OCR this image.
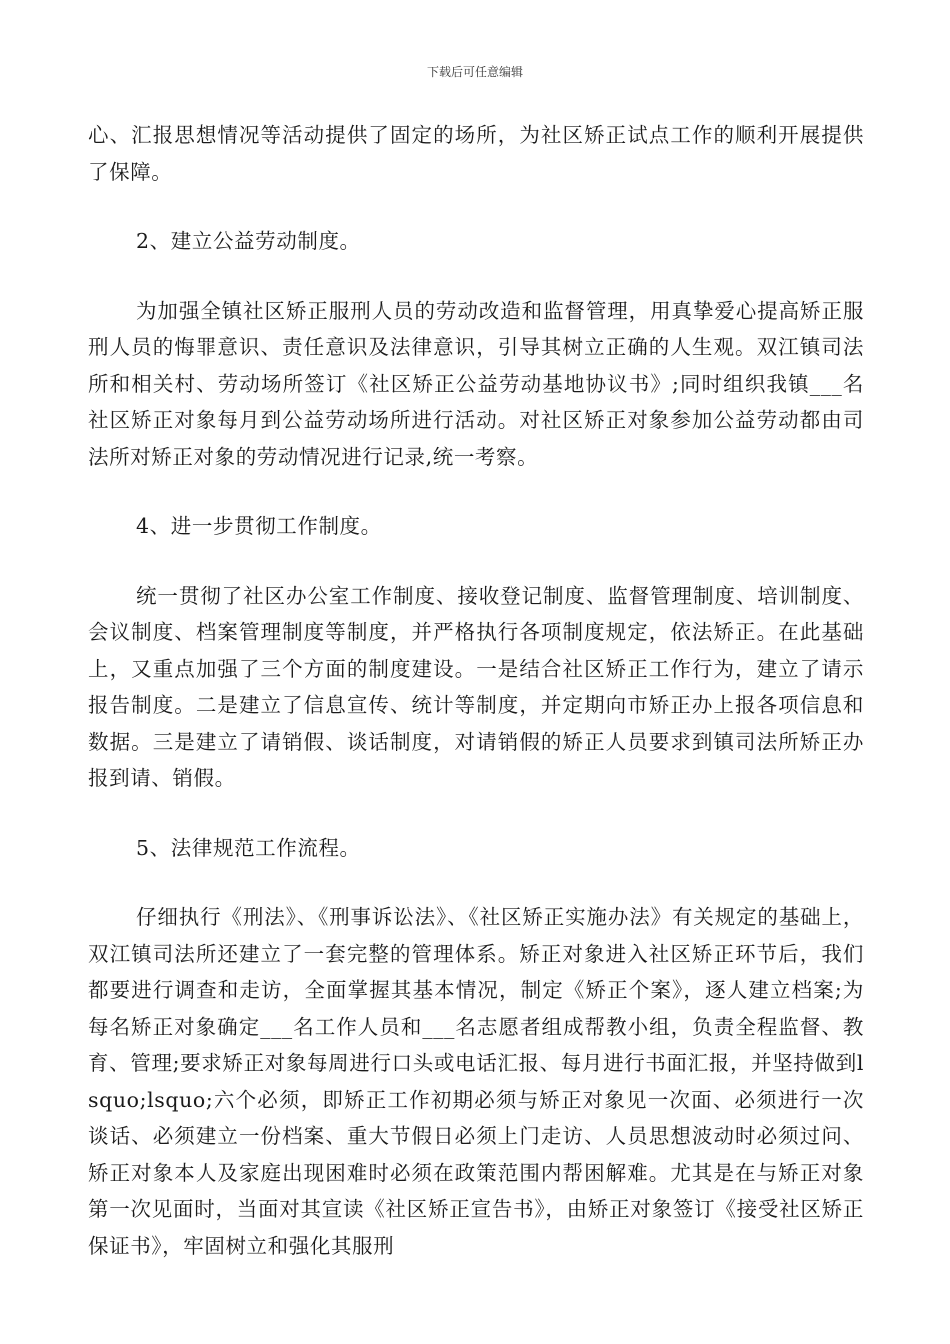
下载后可任意编辑

心、汇报思想情况等活动提供了固定的场所，为社区矫正试点工作的顺利开展提供了保障。

2、建立公益劳动制度。

为加强全镇社区矫正服刑人员的劳动改造和监督管理，用真挚爱心提高矫正服刑人员的悔罪意识、责任意识及法律意识，引导其树立正确的人生观。双江镇司法所和相关村、劳动场所签订《社区矫正公益劳动基地协议书》;同时组织我镇___名社区矫正对象每月到公益劳动场所进行活动。对社区矫正对象参加公益劳动都由司法所对矫正对象的劳动情况进行记录,统一考察。

4、进一步贯彻工作制度。

统一贯彻了社区办公室工作制度、接收登记制度、监督管理制度、培训制度、会议制度、档案管理制度等制度，并严格执行各项制度规定，依法矫正。在此基础上，又重点加强了三个方面的制度建设。一是结合社区矫正工作行为，建立了请示报告制度。二是建立了信息宣传、统计等制度，并定期向市矫正办上报各项信息和数据。三是建立了请销假、谈话制度，对请销假的矫正人员要求到镇司法所矫正办报到请、销假。

5、法律规范工作流程。

仔细执行《刑法》、《刑事诉讼法》、《社区矫正实施办法》有关规定的基础上，双江镇司法所还建立了一套完整的管理体系。矫正对象进入社区矫正环节后，我们都要进行调查和走访，全面掌握其基本情况，制定《矫正个案》，逐人建立档案;为每名矫正对象确定___名工作人员和___名志愿者组成帮教小组，负责全程监督、教育、管理;要求矫正对象每周进行口头或电话汇报、每月进行书面汇报，并坚持做到lsquo;lsquo;六个必须，即矫正工作初期必须与矫正对象见一次面、必须进行一次谈话、必须建立一份档案、重大节假日必须上门走访、人员思想波动时必须过问、矫正对象本人及家庭出现困难时必须在政策范围内帮困解难。尤其是在与矫正对象第一次见面时，当面对其宣读《社区矫正宣告书》，由矫正对象签订《接受社区矫正保证书》，牢固树立和强化其服刑
